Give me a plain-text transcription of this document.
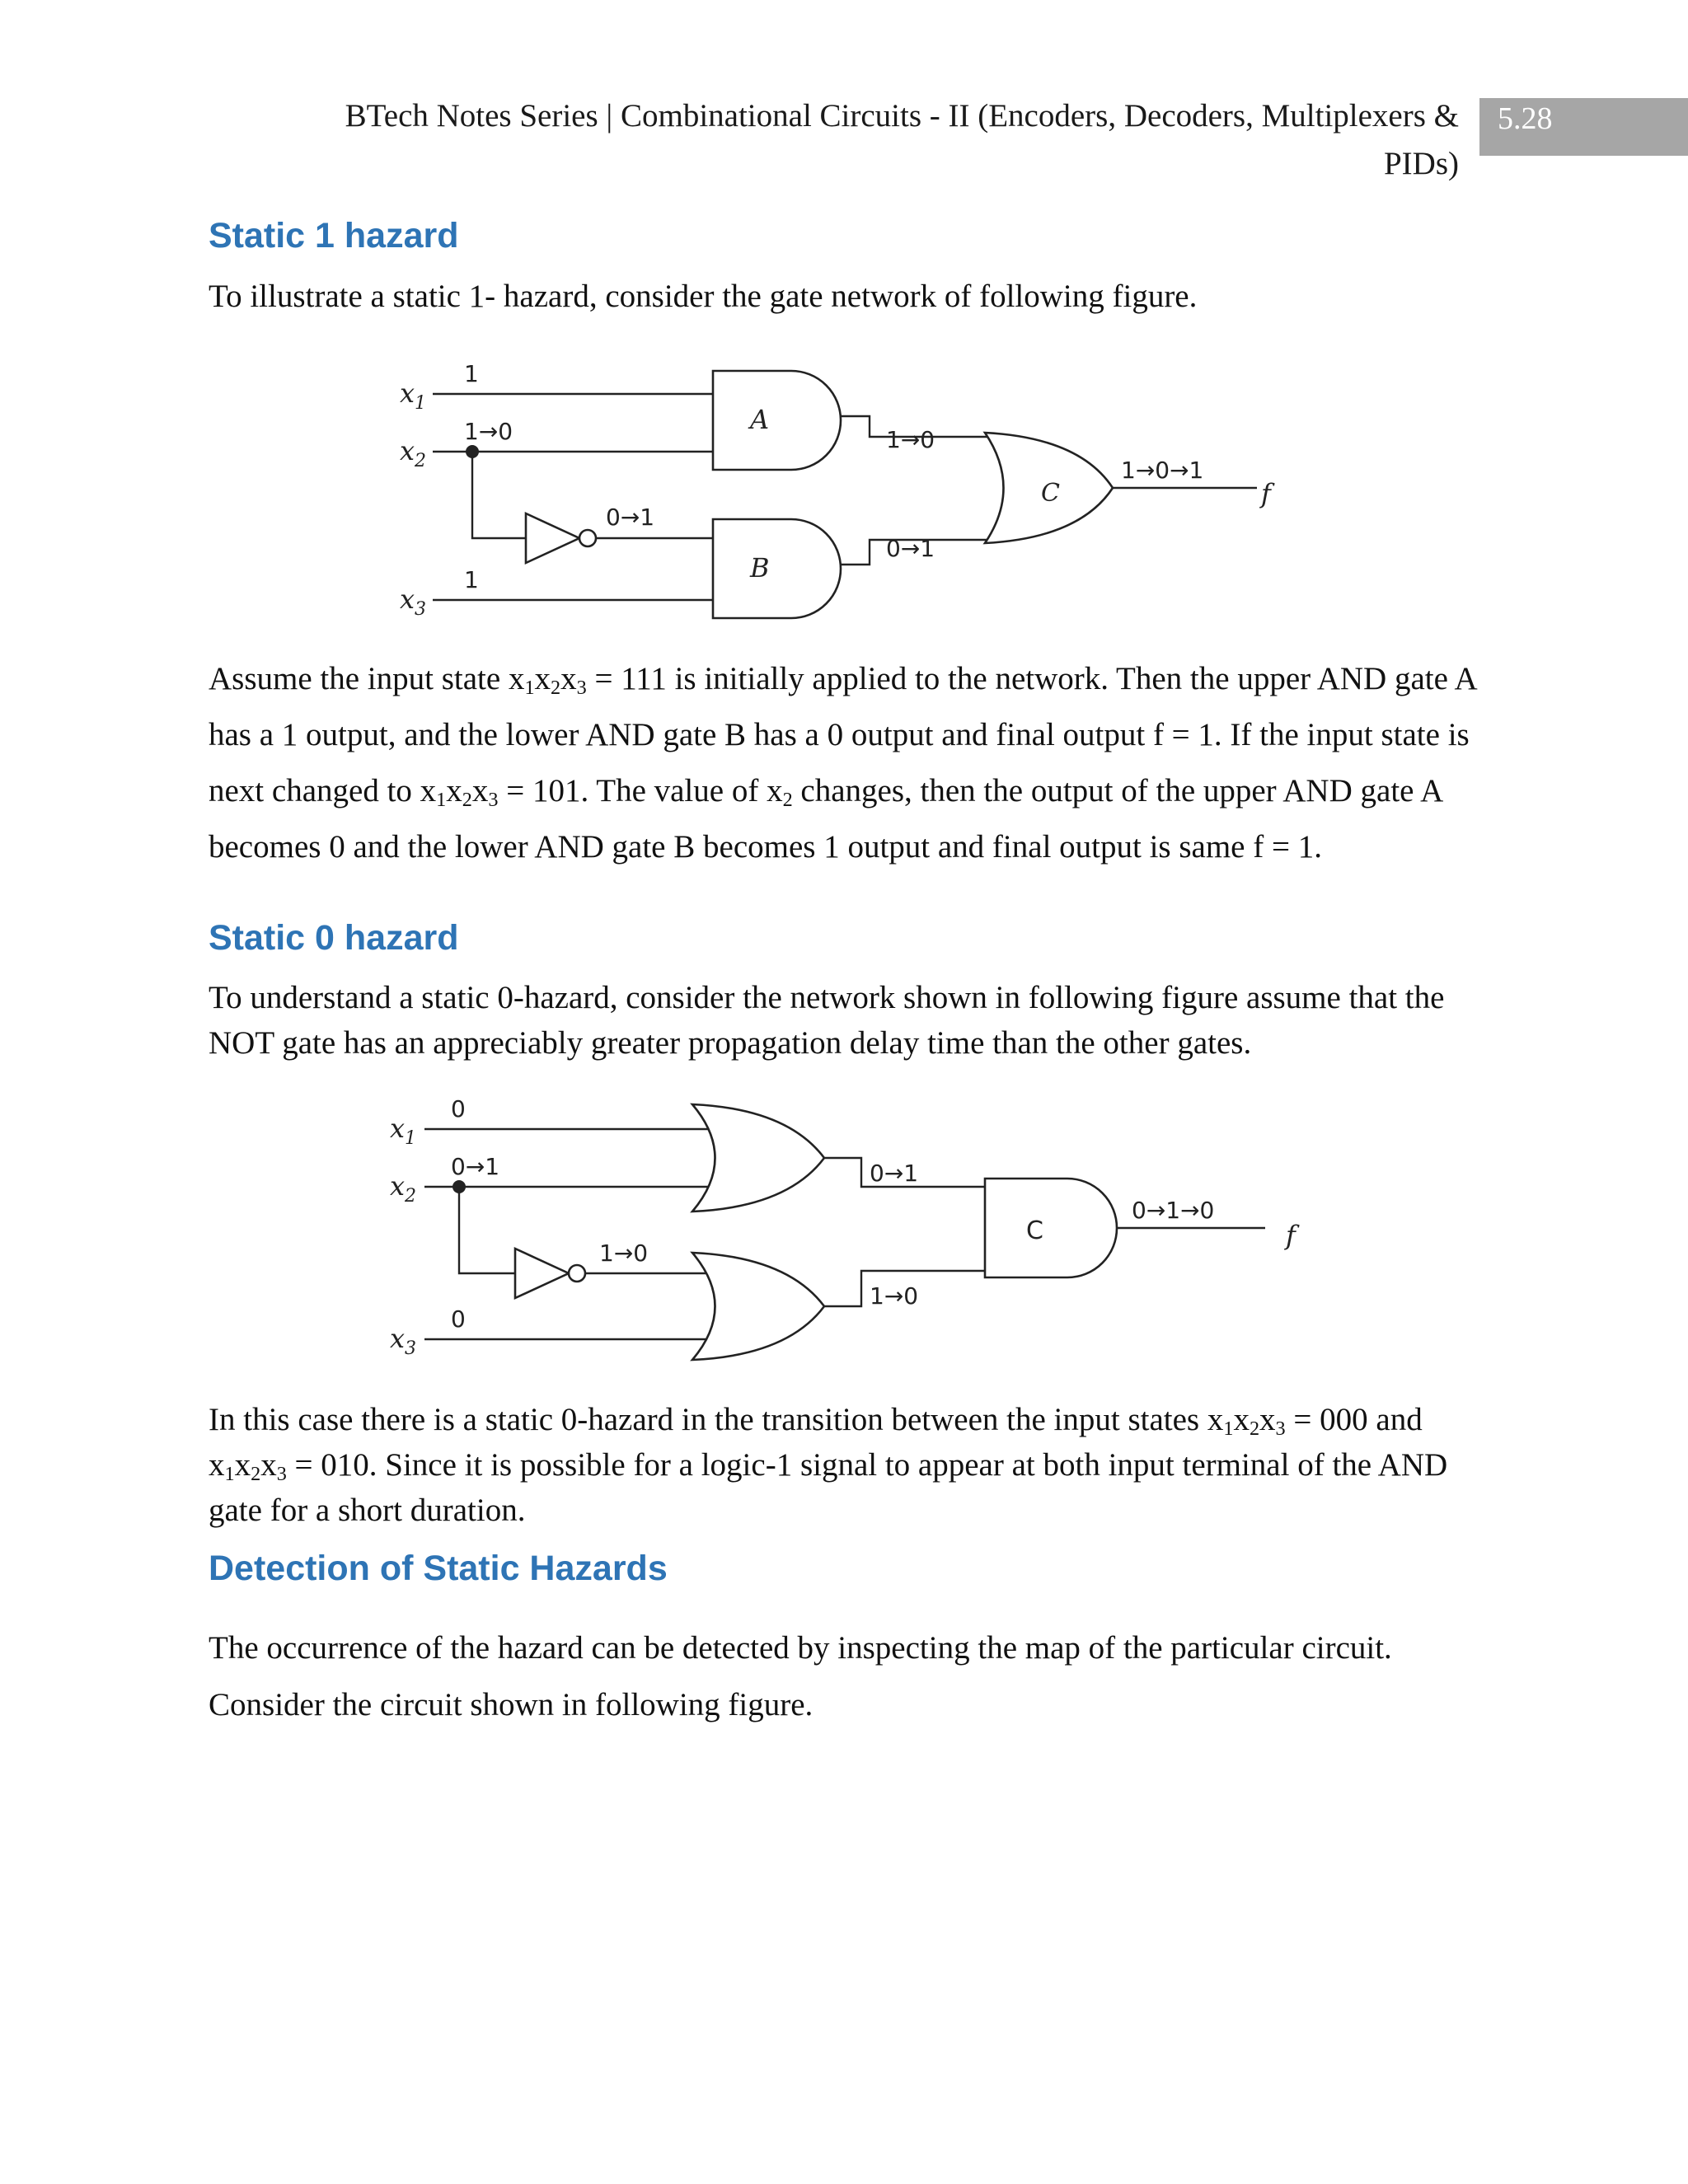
BTech Notes Series | Combinational Circuits - II (Encoders, Decoders, Multiplexers &
PIDs)
5.28
Static 1 hazard

To illustrate a static 1- hazard, consider the gate network of following figure.

$x_1$
$x_2$
$x_3$
1
1→0
1
0→1
A
B
C
1→0
0→1
1→0→1
f
Assume the input state $x_1x_2x_3 = 111$ is initially applied to the network. Then the upper AND gate A has a 1 output, and the lower AND gate B has a 0 output and final output f = 1. If the input state is next changed to $x_1x_2x_3 = 101$. The value of $x_2$ changes, then the output of the upper AND gate A becomes 0 and the lower AND gate B becomes 1 output and final output is same f = 1.
Static 0 hazard

To understand a static 0-hazard, consider the network shown in following figure assume that the NOT gate has an appreciably greater propagation delay time than the other gates.

$x_1$
$x_2$
$x_3$
0
0→1
0
1→0
0→1
1→0
C
0→1→0
f
In this case there is a static 0-hazard in the transition between the input states $x_1x_2x_3 = 000$ and $x_1x_2x_3 = 010$. Since it is possible for a logic-1 signal to appear at both input terminal of the AND gate for a short duration.
Detection of Static Hazards

The occurrence of the hazard can be detected by inspecting the map of the particular circuit.

Consider the circuit shown in following figure.
